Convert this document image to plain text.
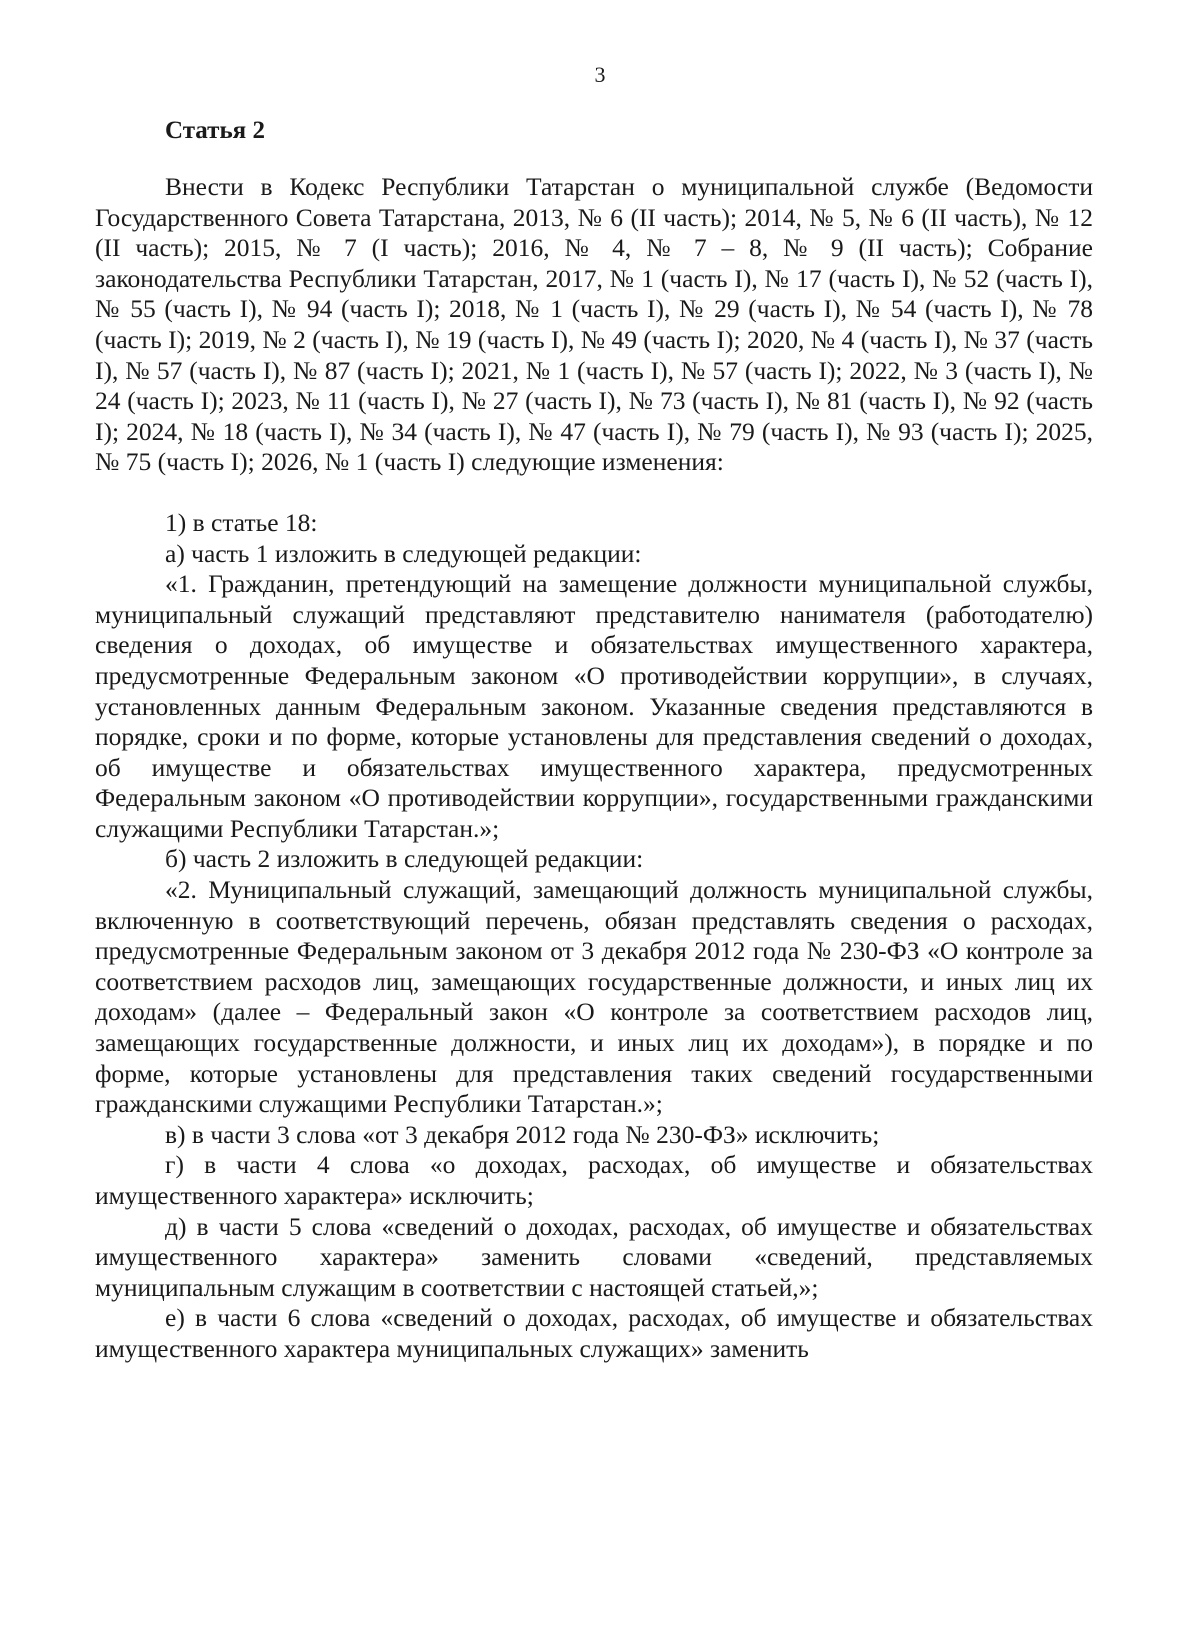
3
Статья 2

Внести в Кодекс Республики Татарстан о муниципальной службе (Ведомости Государственного Совета Татарстана, 2013, № 6 (II часть); 2014, № 5, № 6 (II часть), № 12 (II часть); 2015, № 7 (I часть); 2016, № 4, № 7 – 8, № 9 (II часть); Собрание законодательства Республики Татарстан, 2017, № 1 (часть I), № 17 (часть I), № 52 (часть I), № 55 (часть I), № 94 (часть I); 2018, № 1 (часть I), № 29 (часть I), № 54 (часть I), № 78 (часть I); 2019, № 2 (часть I), № 19 (часть I), № 49 (часть I); 2020, № 4 (часть I), № 37 (часть I), № 57 (часть I), № 87 (часть I); 2021, № 1 (часть I), № 57 (часть I); 2022, № 3 (часть I), № 24 (часть I); 2023, № 11 (часть I), № 27 (часть I), № 73 (часть I), № 81 (часть I), № 92 (часть I); 2024, № 18 (часть I), № 34 (часть I), № 47 (часть I), № 79 (часть I), № 93 (часть I); 2025, № 75 (часть I); 2026, № 1 (часть I) следующие изменения:

1) в статье 18:

а) часть 1 изложить в следующей редакции:

«1. Гражданин, претендующий на замещение должности муниципальной службы, муниципальный служащий представляют представителю нанимателя (работодателю) сведения о доходах, об имуществе и обязательствах имущественного характера, предусмотренные Федеральным законом «О противодействии коррупции», в случаях, установленных данным Федеральным законом. Указанные сведения представляются в порядке, сроки и по форме, которые установлены для представления сведений о доходах, об имуществе и обязательствах имущественного характера, предусмотренных Федеральным законом «О противодействии коррупции», государственными гражданскими служащими Республики Татарстан.»;

б) часть 2 изложить в следующей редакции:

«2. Муниципальный служащий, замещающий должность муниципальной службы, включенную в соответствующий перечень, обязан представлять сведения о расходах, предусмотренные Федеральным законом от 3 декабря 2012 года № 230-ФЗ «О контроле за соответствием расходов лиц, замещающих государственные должности, и иных лиц их доходам» (далее – Федеральный закон «О контроле за соответствием расходов лиц, замещающих государственные должности, и иных лиц их доходам»), в порядке и по форме, которые установлены для представления таких сведений государственными гражданскими служащими Республики Татарстан.»;

в) в части 3 слова «от 3 декабря 2012 года № 230-ФЗ» исключить;

г) в части 4 слова «о доходах, расходах, об имуществе и обязательствах имущественного характера» исключить;

д) в части 5 слова «сведений о доходах, расходах, об имуществе и обязательствах имущественного характера» заменить словами «сведений, представляемых муниципальным служащим в соответствии с настоящей статьей,»;

е) в части 6 слова «сведений о доходах, расходах, об имуществе и обязательствах имущественного характера муниципальных служащих» заменить
